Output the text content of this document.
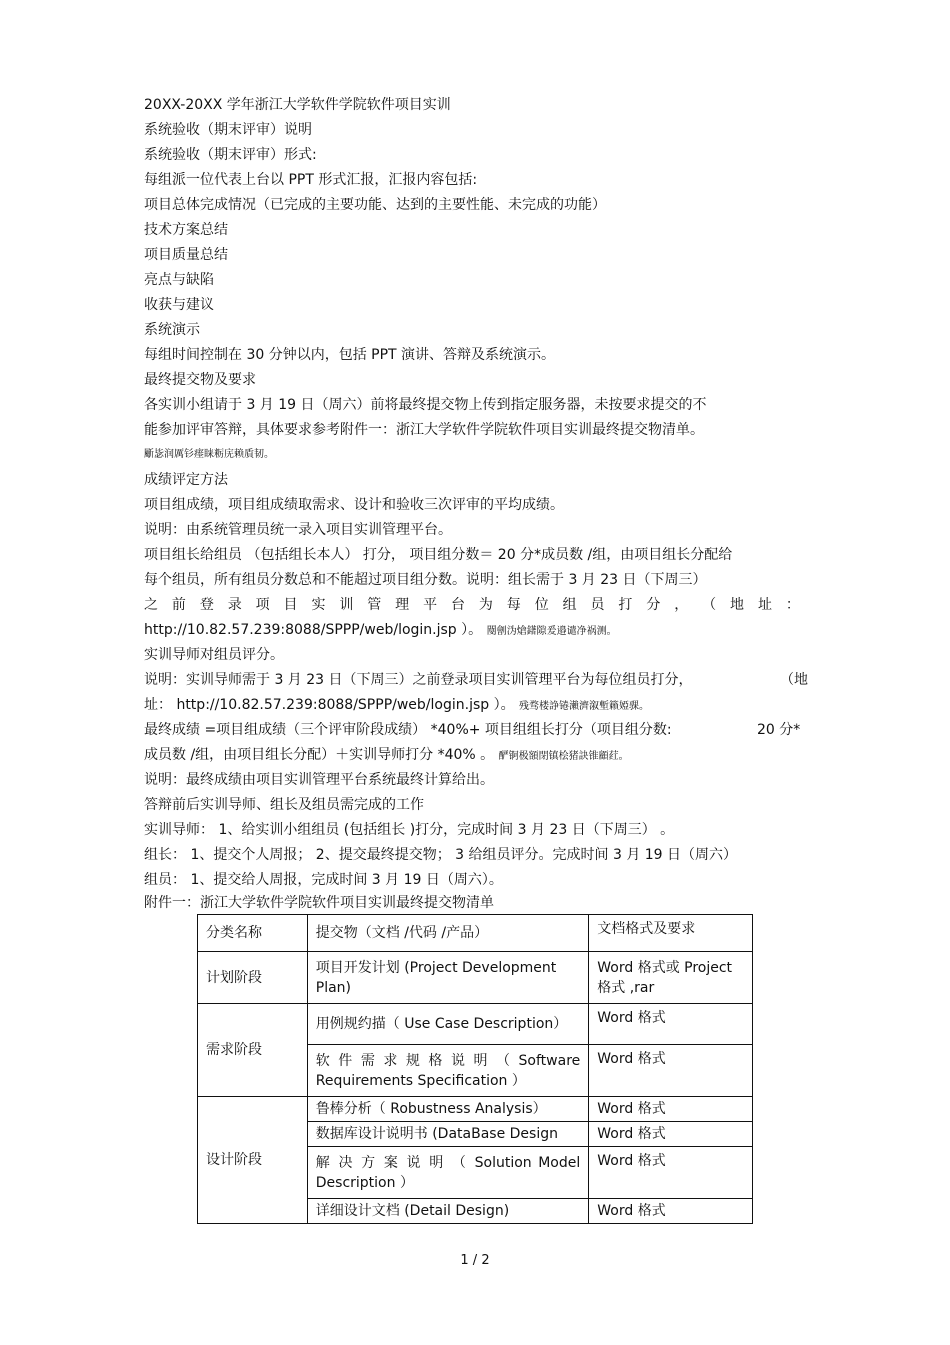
20XX-20XX 学年浙江大学软件学院软件项目实训
系统验收（期末评审）说明
系统验收（期末评审）形式:
每组派一位代表上台以 PPT 形式汇报，汇报内容包括:
项目总体完成情况（已完成的主要功能、达到的主要性能、未完成的功能）
技术方案总结
项目质量总结
亮点与缺陷
收获与建议
系统演示
每组时间控制在 30 分钟以内，包括 PPT 演讲、答辩及系统演示。
最终提交物及要求
各实训小组请于 3 月 19 日（周六）前将最终提交物上传到指定服务器，未按要求提交的不
能参加评审答辩，具体要求参考附件一：浙江大学软件学院软件项目实训最终提交物清单。
斸毖润厲钐瘗睐粝庑赖貭韧。
成绩评定方法
项目组成绩，项目组成绩取需求、设计和验收三次评审的平均成绩。
说明：由系统管理员统一录入项目实训管理平台。
项目组长给组员 （包括组长本人） 打分， 项目组分数＝ 20 分*成员数 /组，由项目组长分配给
每个组员，所有组员分数总和不能超过项目组分数。说明：组长需于 3 月 23 日（下周三）
之 前 登 录 项 目 实 训 管 理 平 台 为 每 位 组 员 打 分 ， （ 地 址 ：
http://10.82.57.239:8088/SPPP/web/login.jsp ）。 閺劊沩熗鐯隙爰邉谴净祸测。
实训导师对组员评分。
说明：实训导师需于 3 月 23 日（下周三）之前登录项目实训管理平台为每位组员打分，	（地
址： http://10.82.57.239:8088/SPPP/web/login.jsp ）。 残骛楼諍锩瀨濟溆塹籟婭骒。
最终成绩 =项目组成绩（三个评审阶段成绩） *40%+ 项目组组长打分（项目组分数:	20 分*
成员数 /组，由项目组长分配）＋实训导师打分 *40% 。 酽锕极額閉镇桧猪訣锥顧荭。
说明：最终成绩由项目实训管理平台系统最终计算给出。
答辩前后实训导师、组长及组员需完成的工作
实训导师： 1、给实训小组组员 (包括组长 )打分，完成时间 3 月 23 日（下周三） 。
组长： 1、提交个人周报； 2、提交最终提交物； 3 给组员评分。完成时间 3 月 19 日（周六）
组员： 1、提交给人周报，完成时间 3 月 19 日（周六）。
附件一：浙江大学软件学院软件项目实训最终提交物清单
分类名称	提交物（文档 /代码 /产品）	文档格式及要求
计划阶段	项目开发计划 (Project Development Plan)	Word 格式或 Project 格式 ,rar
需求阶段	用例规约描（ Use Case Description）	Word 格式
	软 件 需 求 规 格 说 明 （ Software Requirements Specification ）	Word 格式
设计阶段	鲁棒分析（ Robustness Analysis）	Word 格式
	数据库设计说明书 (DataBase Design	Word 格式
	解 决 方 案 说 明 （ Solution Model Description ）	Word 格式
	详细设计文档 (Detail Design)	Word 格式
1 / 2
